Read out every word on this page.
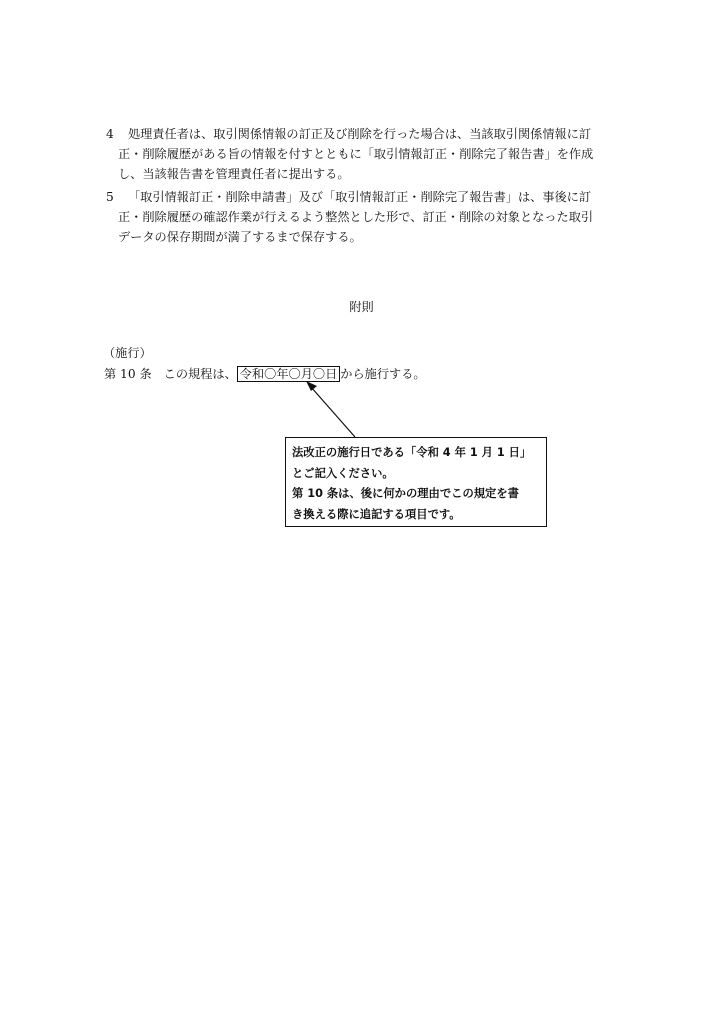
4 処理責任者は、取引関係情報の訂正及び削除を行った場合は、当該取引関係情報に訂
正・削除履歴がある旨の情報を付すとともに「取引情報訂正・削除完了報告書」を作成
し、当該報告書を管理責任者に提出する。

5 「取引情報訂正・削除申請書」及び「取引情報訂正・削除完了報告書」は、事後に訂
正・削除履歴の確認作業が行えるよう整然とした形で、訂正・削除の対象となった取引
データの保存期間が満了するまで保存する。

附則
（施行）
第 10 条 この規程は、 令和〇年〇月〇日 から施行する。
法改正の施行日である「令和 4 年 1 月 1 日」
とご記入ください。
第 10 条は、後に何かの理由でこの規定を書
き換える際に追記する項目です。
